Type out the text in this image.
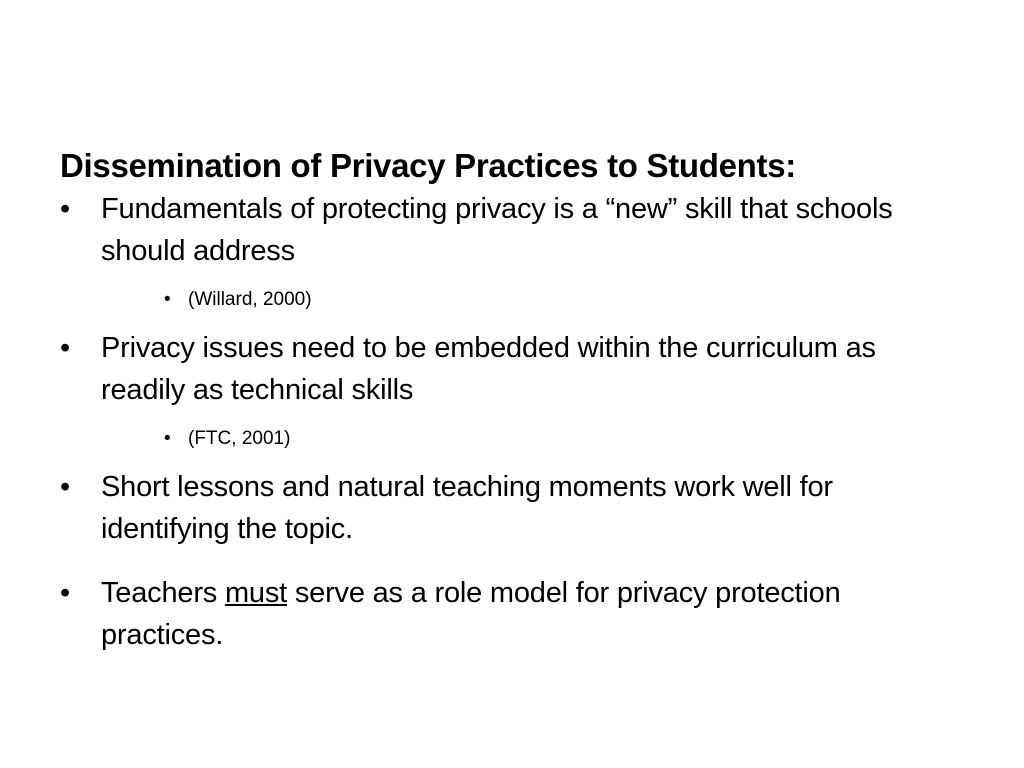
Dissemination of Privacy Practices to Students:
•	Fundamentals of protecting privacy is a “new” skill that schools should address
• (Willard, 2000)
•	Privacy issues need to be embedded within the curriculum as readily as technical skills
• (FTC, 2001)
•	Short lessons and natural teaching moments work well for identifying the topic.
•	Teachers must serve as a role model for privacy protection practices.
